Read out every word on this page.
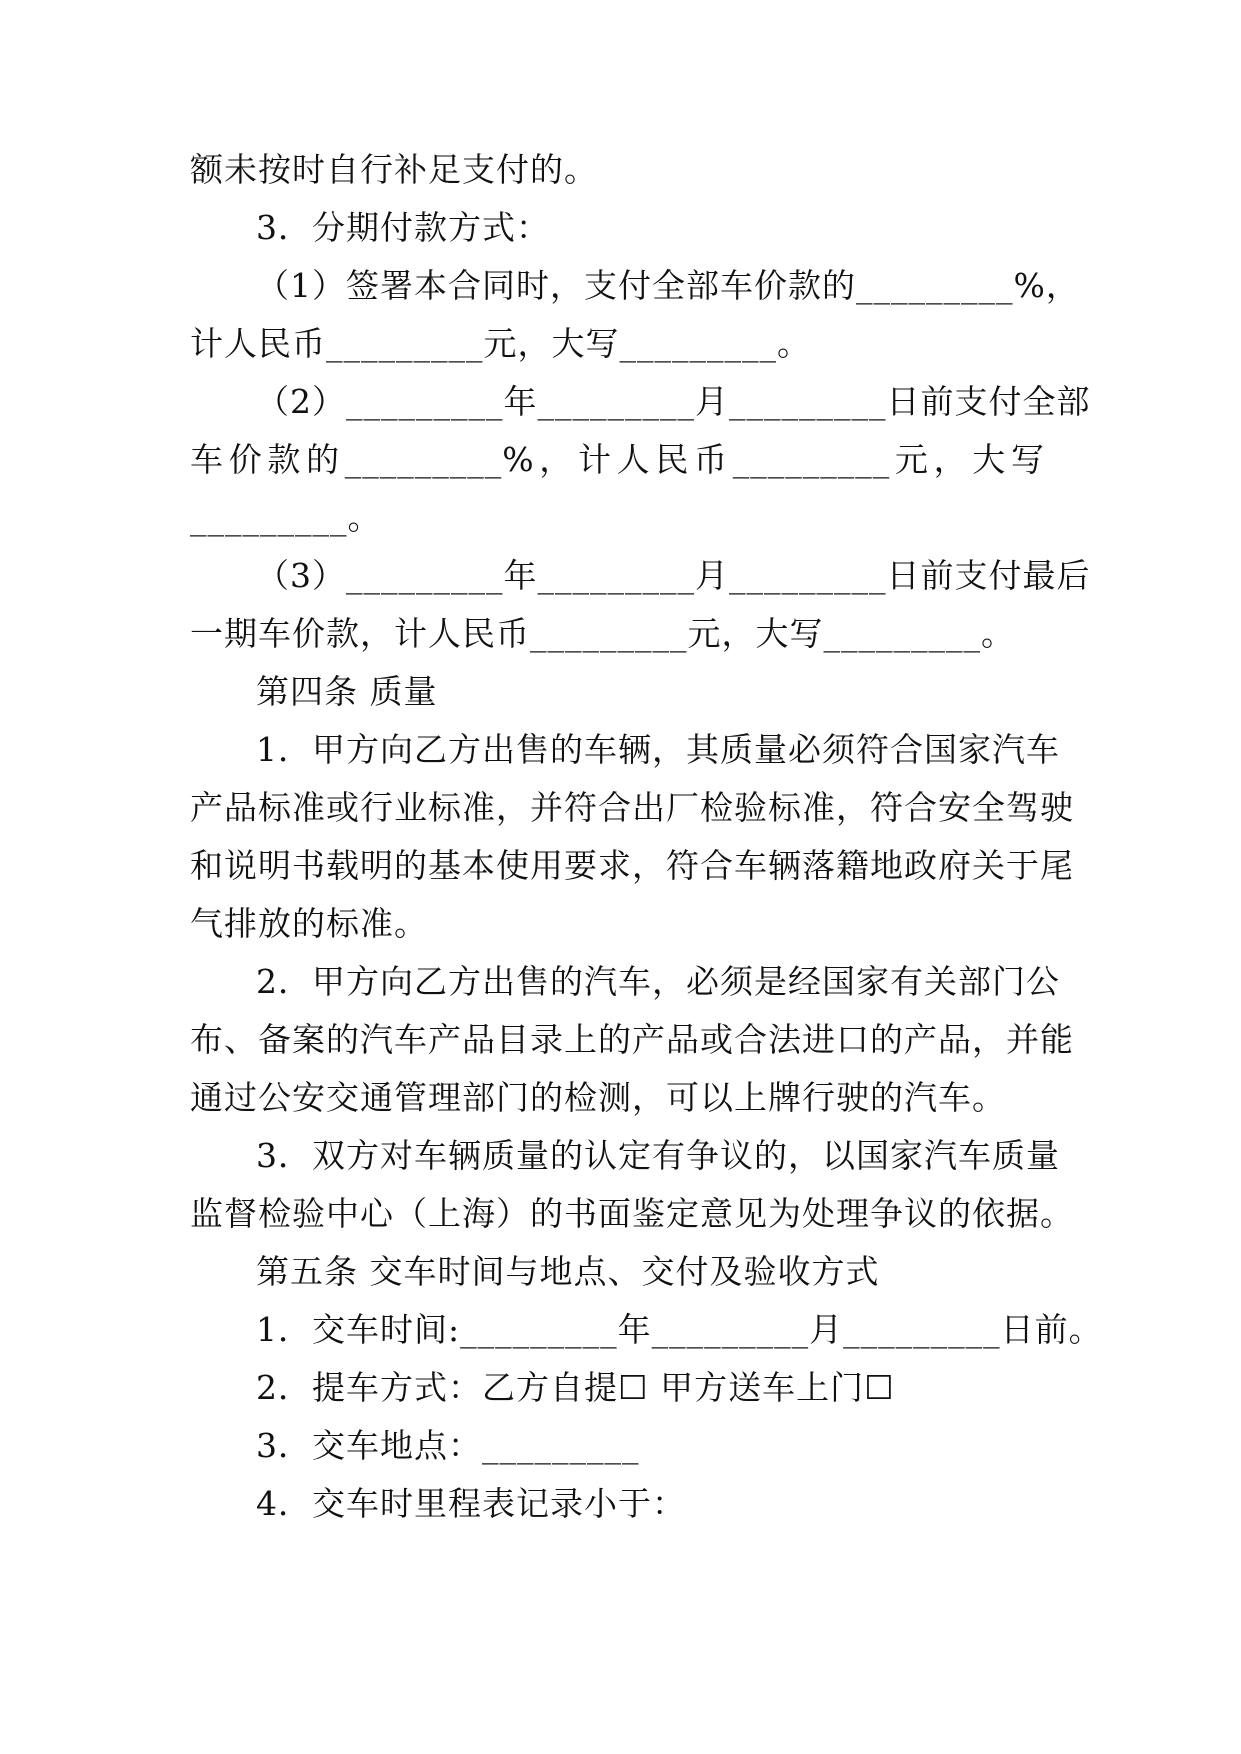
额未按时自行补足支付的。
3．分期付款方式：
（1）签署本合同时，支付全部车价款的_________%，
计人民币_________元，大写_________。
（2）_________年_________月_________日前支付全部
车价款的_________%，计人民币_________元，大写
_________。
（3）_________年_________月_________日前支付最后
一期车价款，计人民币_________元，大写_________。
第四条 质量
1．甲方向乙方出售的车辆，其质量必须符合国家汽车
产品标准或行业标准，并符合出厂检验标准，符合安全驾驶
和说明书载明的基本使用要求，符合车辆落籍地政府关于尾
气排放的标准。
2．甲方向乙方出售的汽车，必须是经国家有关部门公
布、备案的汽车产品目录上的产品或合法进口的产品，并能
通过公安交通管理部门的检测，可以上牌行驶的汽车。
3．双方对车辆质量的认定有争议的，以国家汽车质量
监督检验中心（上海）的书面鉴定意见为处理争议的依据。
第五条 交车时间与地点、交付及验收方式
1．交车时间:_________年_________月_________日前。
2．提车方式：乙方自提☐ 甲方送车上门☐
3．交车地点：_________
4．交车时里程表记录小于：
